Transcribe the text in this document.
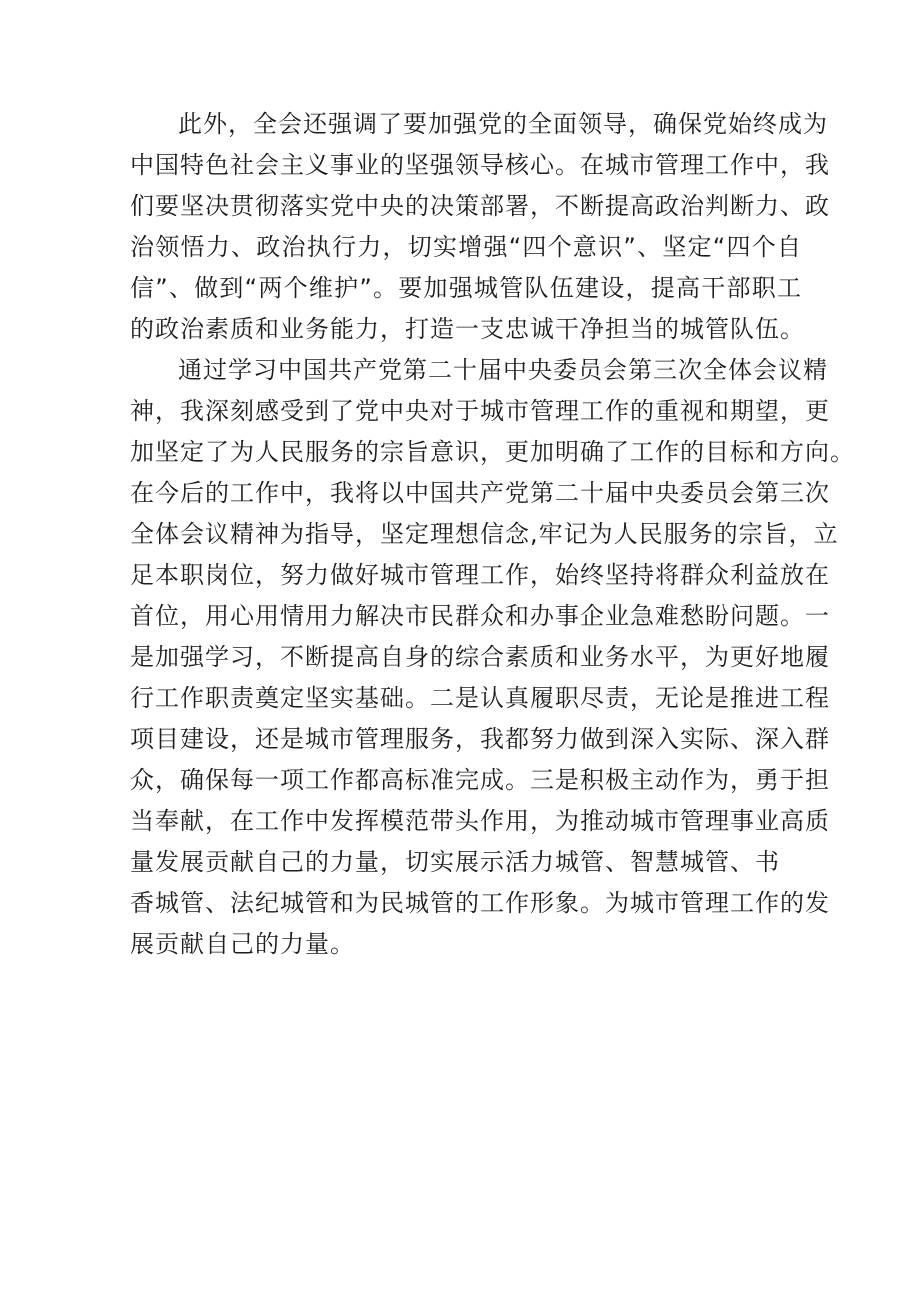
此外，全会还强调了要加强党的全面领导，确保党始终成为
中国特色社会主义事业的坚强领导核心。在城市管理工作中，我
们要坚决贯彻落实党中央的决策部署，不断提高政治判断力、政
治领悟力、政治执行力，切实增强“四个意识”、坚定“四个自
信”、做到“两个维护”。要加强城管队伍建设，提高干部职工
的政治素质和业务能力，打造一支忠诚干净担当的城管队伍。
通过学习中国共产党第二十届中央委员会第三次全体会议精
神，我深刻感受到了党中央对于城市管理工作的重视和期望，更
加坚定了为人民服务的宗旨意识，更加明确了工作的目标和方向。
在今后的工作中，我将以中国共产党第二十届中央委员会第三次
全体会议精神为指导，坚定理想信念,牢记为人民服务的宗旨，立
足本职岗位，努力做好城市管理工作，始终坚持将群众利益放在
首位，用心用情用力解决市民群众和办事企业急难愁盼问题。一
是加强学习，不断提高自身的综合素质和业务水平，为更好地履
行工作职责奠定坚实基础。二是认真履职尽责，无论是推进工程
项目建设，还是城市管理服务，我都努力做到深入实际、深入群
众，确保每一项工作都高标准完成。三是积极主动作为，勇于担
当奉献，在工作中发挥模范带头作用，为推动城市管理事业高质
量发展贡献自己的力量，切实展示活力城管、智慧城管、书
香城管、法纪城管和为民城管的工作形象。为城市管理工作的发
展贡献自己的力量。
